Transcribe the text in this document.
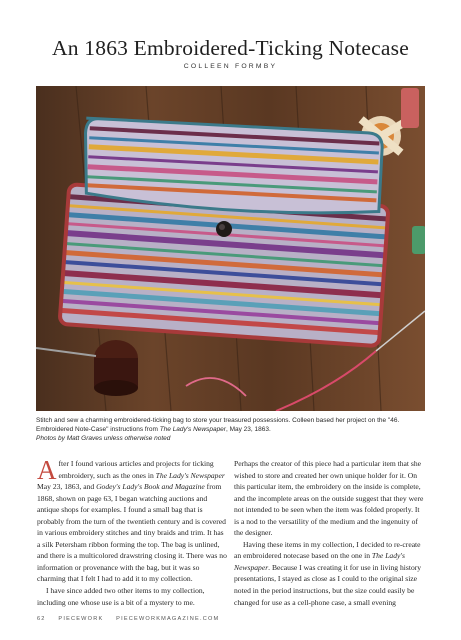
An 1863 Embroidered-Ticking Notecase
COLLEEN FORMBY
Stitch and sew a charming embroidered-ticking bag to store your treasured possessions. Colleen based her project on the "46. Embroidered Note-Case" instructions from The Lady's Newspaper, May 23, 1863.
Photos by Matt Graves unless otherwise noted

After I found various articles and projects for ticking embroidery, such as the ones in The Lady's Newspaper May 23, 1863, and Godey's Lady's Book and Magazine from 1868, shown on page 63, I began watching auctions and antique shops for examples. I found a small bag that is probably from the turn of the twentieth century and is covered in various embroidery stitches and tiny braids and trim. It has a silk Petersham ribbon forming the top. The bag is unlined, and there is a multicolored drawstring closing it. There was no information or provenance with the bag, but it was so charming that I felt I had to add it to my collection.

I have since added two other items to my collection, including one whose use is a bit of a mystery to me.

Perhaps the creator of this piece had a particular item that she wished to store and created her own unique holder for it. On this particular item, the embroidery on the inside is complete, and the incomplete areas on the outside suggest that they were not intended to be seen when the item was folded properly. It is a nod to the versatility of the medium and the ingenuity of the designer.

Having these items in my collection, I decided to re-create an embroidered notecase based on the one in The Lady's Newspaper. Because I was creating it for use in living history presentations, I stayed as close as I could to the original size noted in the period instructions, but the size could easily be changed for use as a cell-phone case, a small evening

62 PIECEWORK PIECEWORKMAGAZINE.COM
